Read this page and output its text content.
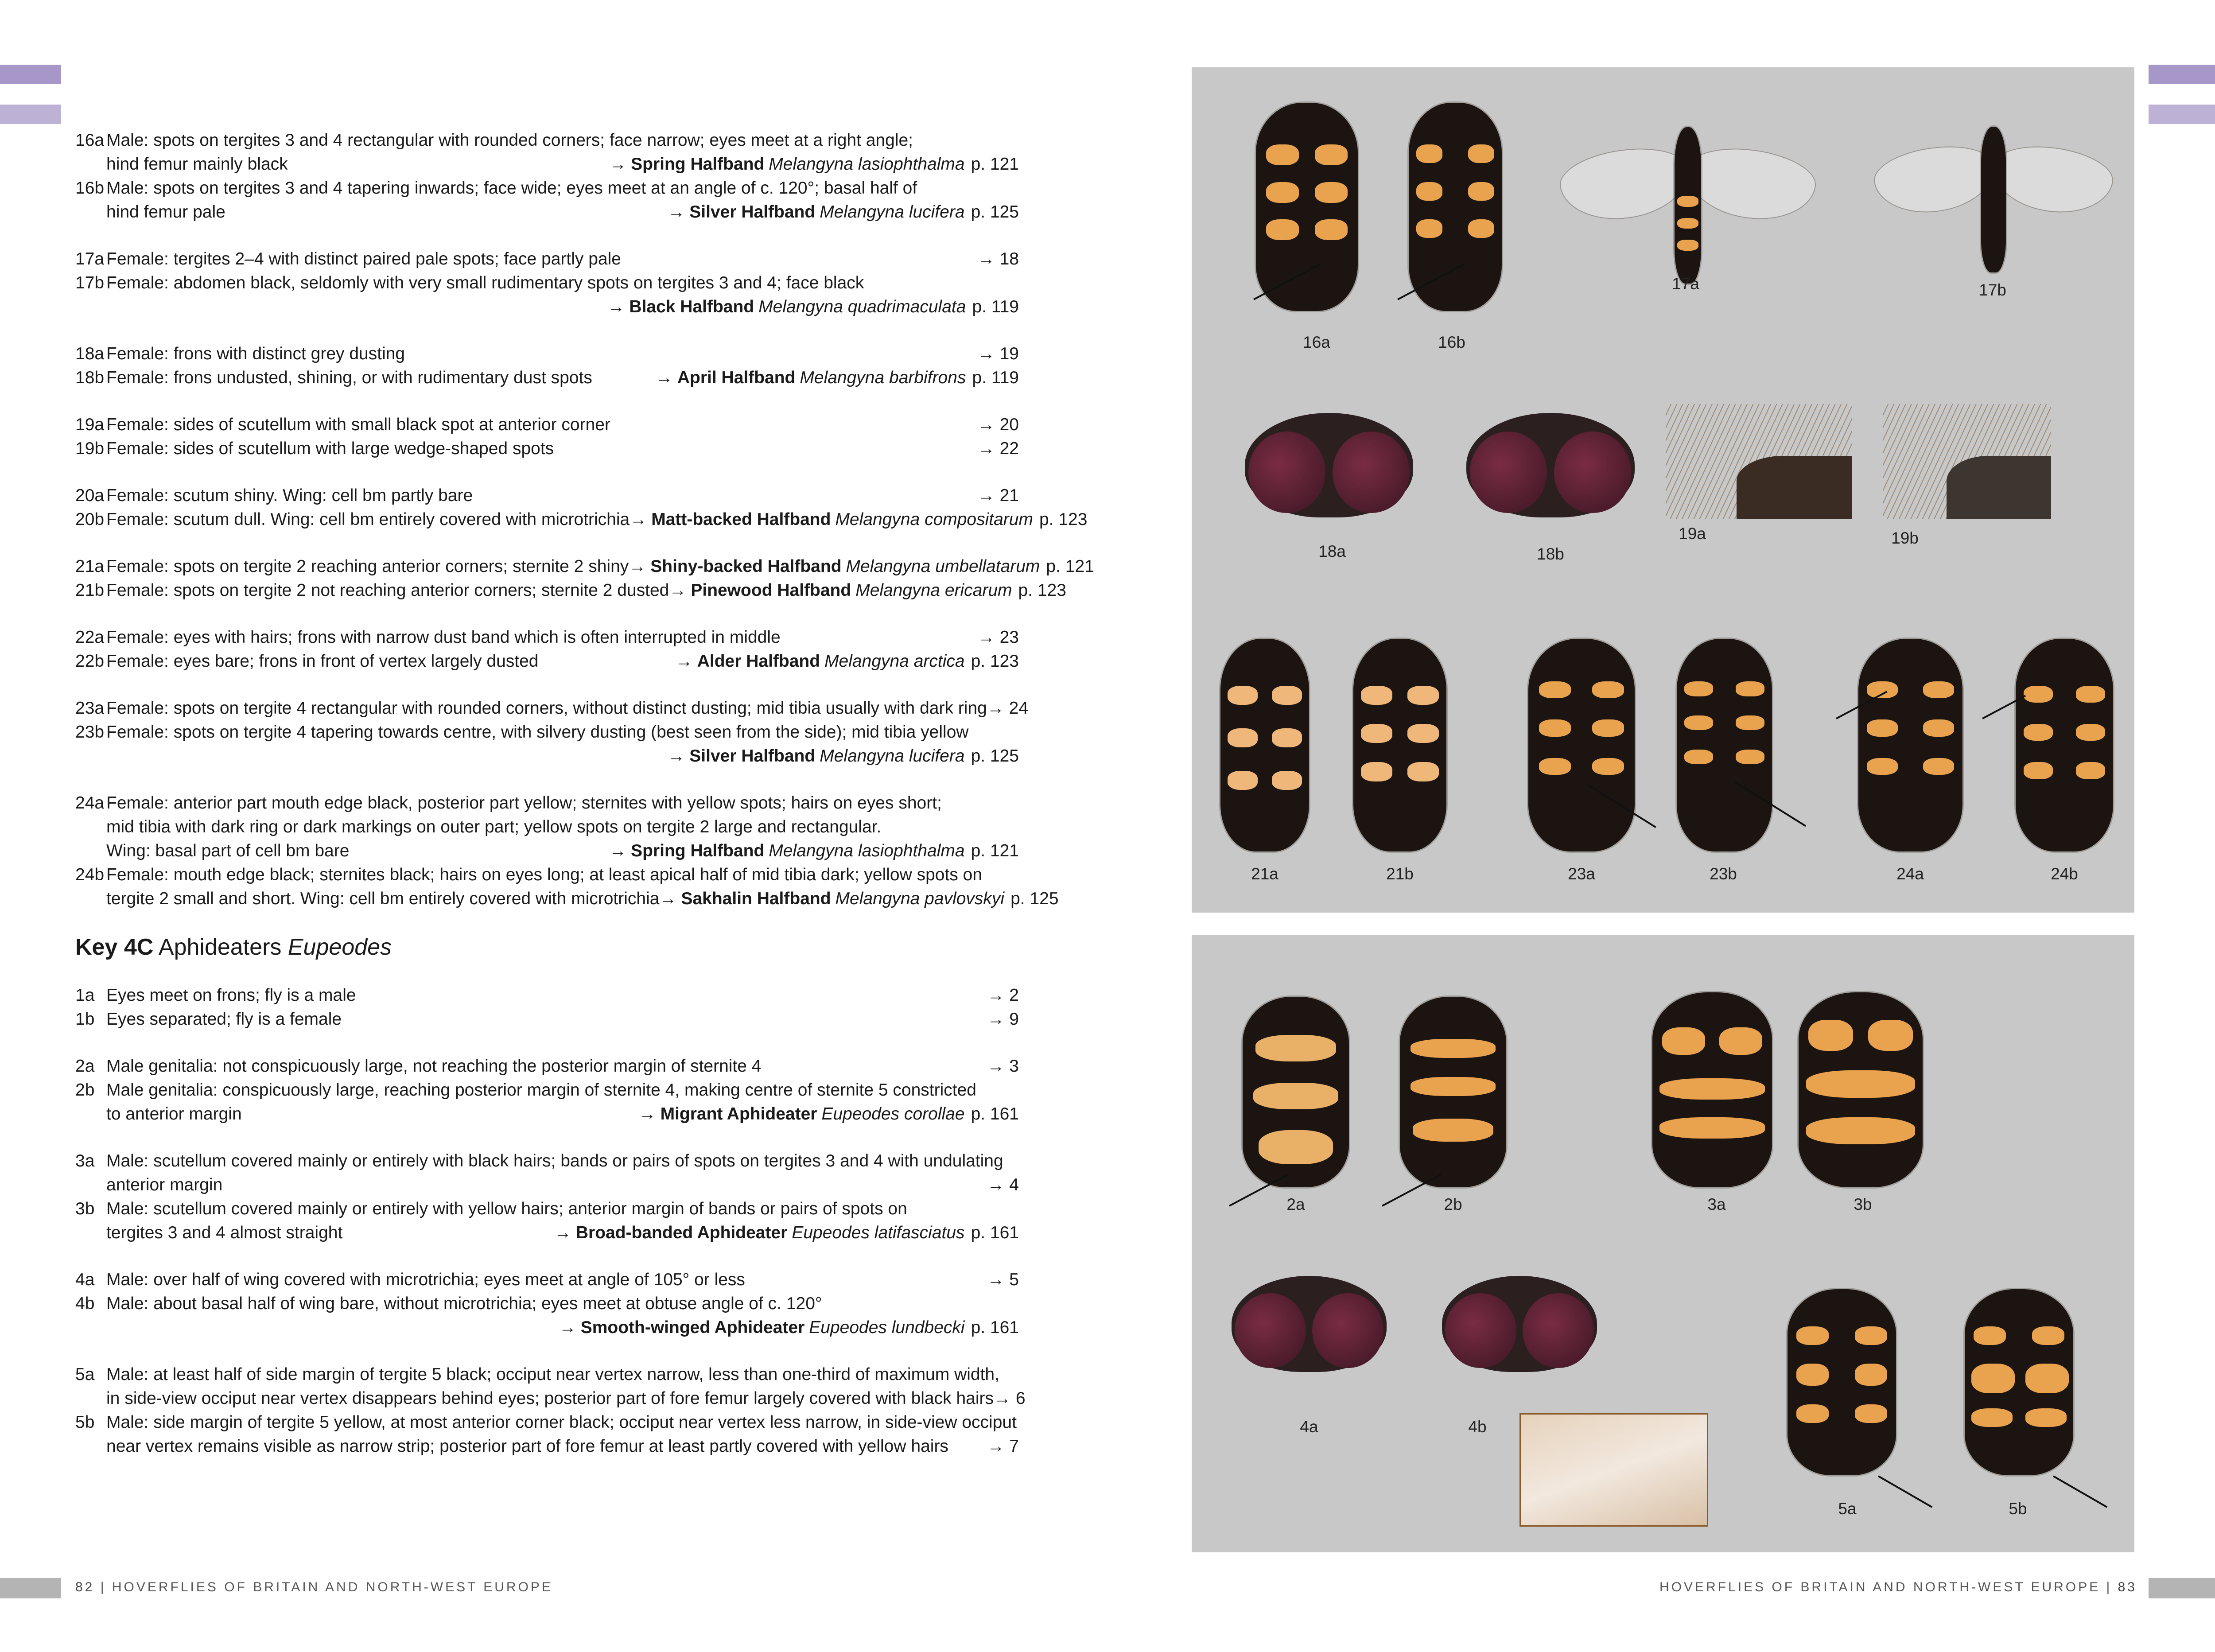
16a Male: spots on tergites 3 and 4 rectangular with rounded corners; face narrow; eyes meet at a right angle;
hind femur mainly black	→ Spring Halfband Melangyna lasiophthalma p. 121
16b Male: spots on tergites 3 and 4 tapering inwards; face wide; eyes meet at an angle of c. 120°; basal half of
hind femur pale	→ Silver Halfband Melangyna lucifera p. 125
17a Female: tergites 2–4 with distinct paired pale spots; face partly pale	→ 18
17b Female: abdomen black, seldomly with very small rudimentary spots on tergites 3 and 4; face black
→ Black Halfband Melangyna quadrimaculata p. 119
18a Female: frons with distinct grey dusting	→ 19
18b Female: frons undusted, shining, or with rudimentary dust spots	→ April Halfband Melangyna barbifrons p. 119
19a Female: sides of scutellum with small black spot at anterior corner	→ 20
19b Female: sides of scutellum with large wedge-shaped spots	→ 22
20a Female: scutum shiny. Wing: cell bm partly bare	→ 21
20b Female: scutum dull. Wing: cell bm entirely covered with microtrichia → Matt-backed Halfband Melangyna compositarum p. 123
21a Female: spots on tergite 2 reaching anterior corners; sternite 2 shiny → Shiny-backed Halfband Melangyna umbellatarum p. 121
21b Female: spots on tergite 2 not reaching anterior corners; sternite 2 dusted → Pinewood Halfband Melangyna ericarum p. 123
22a Female: eyes with hairs; frons with narrow dust band which is often interrupted in middle	→ 23
22b Female: eyes bare; frons in front of vertex largely dusted	→ Alder Halfband Melangyna arctica p. 123
23a Female: spots on tergite 4 rectangular with rounded corners, without distinct dusting; mid tibia usually with dark ring → 24
23b Female: spots on tergite 4 tapering towards centre, with silvery dusting (best seen from the side); mid tibia yellow
→ Silver Halfband Melangyna lucifera p. 125
24a Female: anterior part mouth edge black, posterior part yellow; sternites with yellow spots; hairs on eyes short;
mid tibia with dark ring or dark markings on outer part; yellow spots on tergite 2 large and rectangular.
Wing: basal part of cell bm bare	→ Spring Halfband Melangyna lasiophthalma p. 121
24b Female: mouth edge black; sternites black; hairs on eyes long; at least apical half of mid tibia dark; yellow spots on
tergite 2 small and short. Wing: cell bm entirely covered with microtrichia → Sakhalin Halfband Melangyna pavlovskyi p. 125
Key 4C Aphideaters Eupeodes
1a Eyes meet on frons; fly is a male	→ 2
1b Eyes separated; fly is a female	→ 9
2a Male genitalia: not conspicuously large, not reaching the posterior margin of sternite 4	→ 3
2b Male genitalia: conspicuously large, reaching posterior margin of sternite 4, making centre of sternite 5 constricted
to anterior margin	→ Migrant Aphideater Eupeodes corollae p. 161
3a Male: scutellum covered mainly or entirely with black hairs; bands or pairs of spots on tergites 3 and 4 with undulating
anterior margin	→ 4
3b Male: scutellum covered mainly or entirely with yellow hairs; anterior margin of bands or pairs of spots on
tergites 3 and 4 almost straight	→ Broad-banded Aphideater Eupeodes latifasciatus p. 161
4a Male: over half of wing covered with microtrichia; eyes meet at angle of 105° or less	→ 5
4b Male: about basal half of wing bare, without microtrichia; eyes meet at obtuse angle of c. 120°
→ Smooth-winged Aphideater Eupeodes lundbecki p. 161
5a Male: at least half of side margin of tergite 5 black; occiput near vertex narrow, less than one-third of maximum width,
in side-view occiput near vertex disappears behind eyes; posterior part of fore femur largely covered with black hairs → 6
5b Male: side margin of tergite 5 yellow, at most anterior corner black; occiput near vertex less narrow, in side-view occiput
near vertex remains visible as narrow strip; posterior part of fore femur at least partly covered with yellow hairs	→ 7
16a	16b
17a	17b
18a	18b
19a	19b
21a	21b	23a	23b	24a	24b
2a	2b	3a	3b
4a	4b
5a	5b
82 | HOVERFLIES OF BRITAIN AND NORTH-WEST EUROPE	HOVERFLIES OF BRITAIN AND NORTH-WEST EUROPE | 83
